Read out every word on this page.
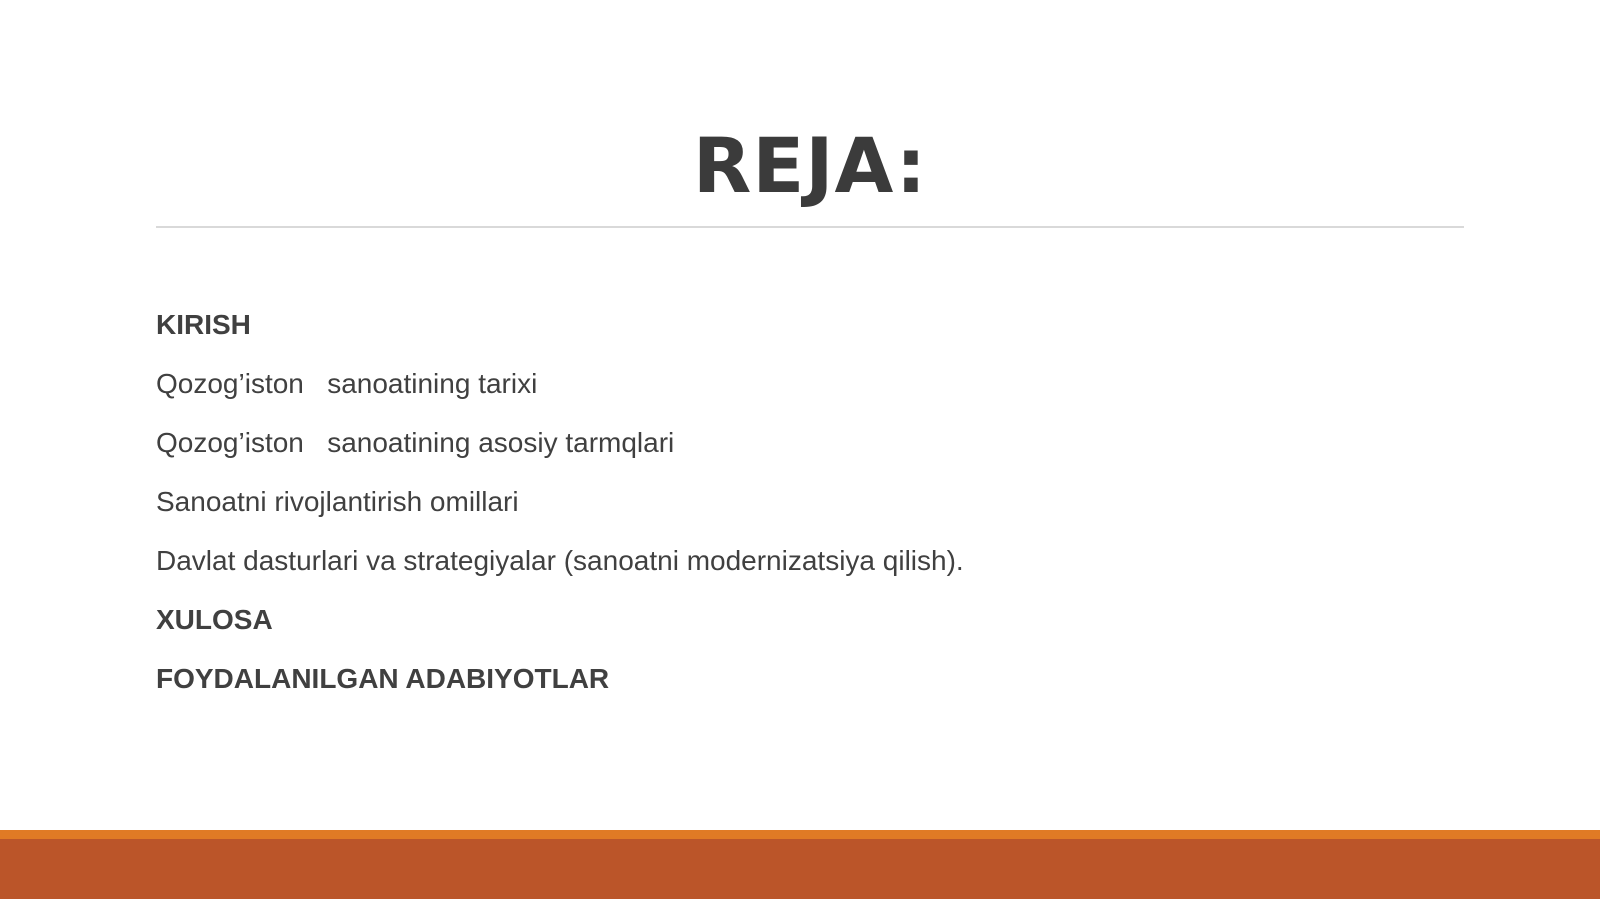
REJA:
KIRISH
Qozog’iston   sanoatining tarixi
Qozog’iston   sanoatining asosiy tarmqlari
Sanoatni rivojlantirish omillari
Davlat dasturlari va strategiyalar (sanoatni modernizatsiya qilish).
XULOSA
FOYDALANILGAN ADABIYOTLAR
